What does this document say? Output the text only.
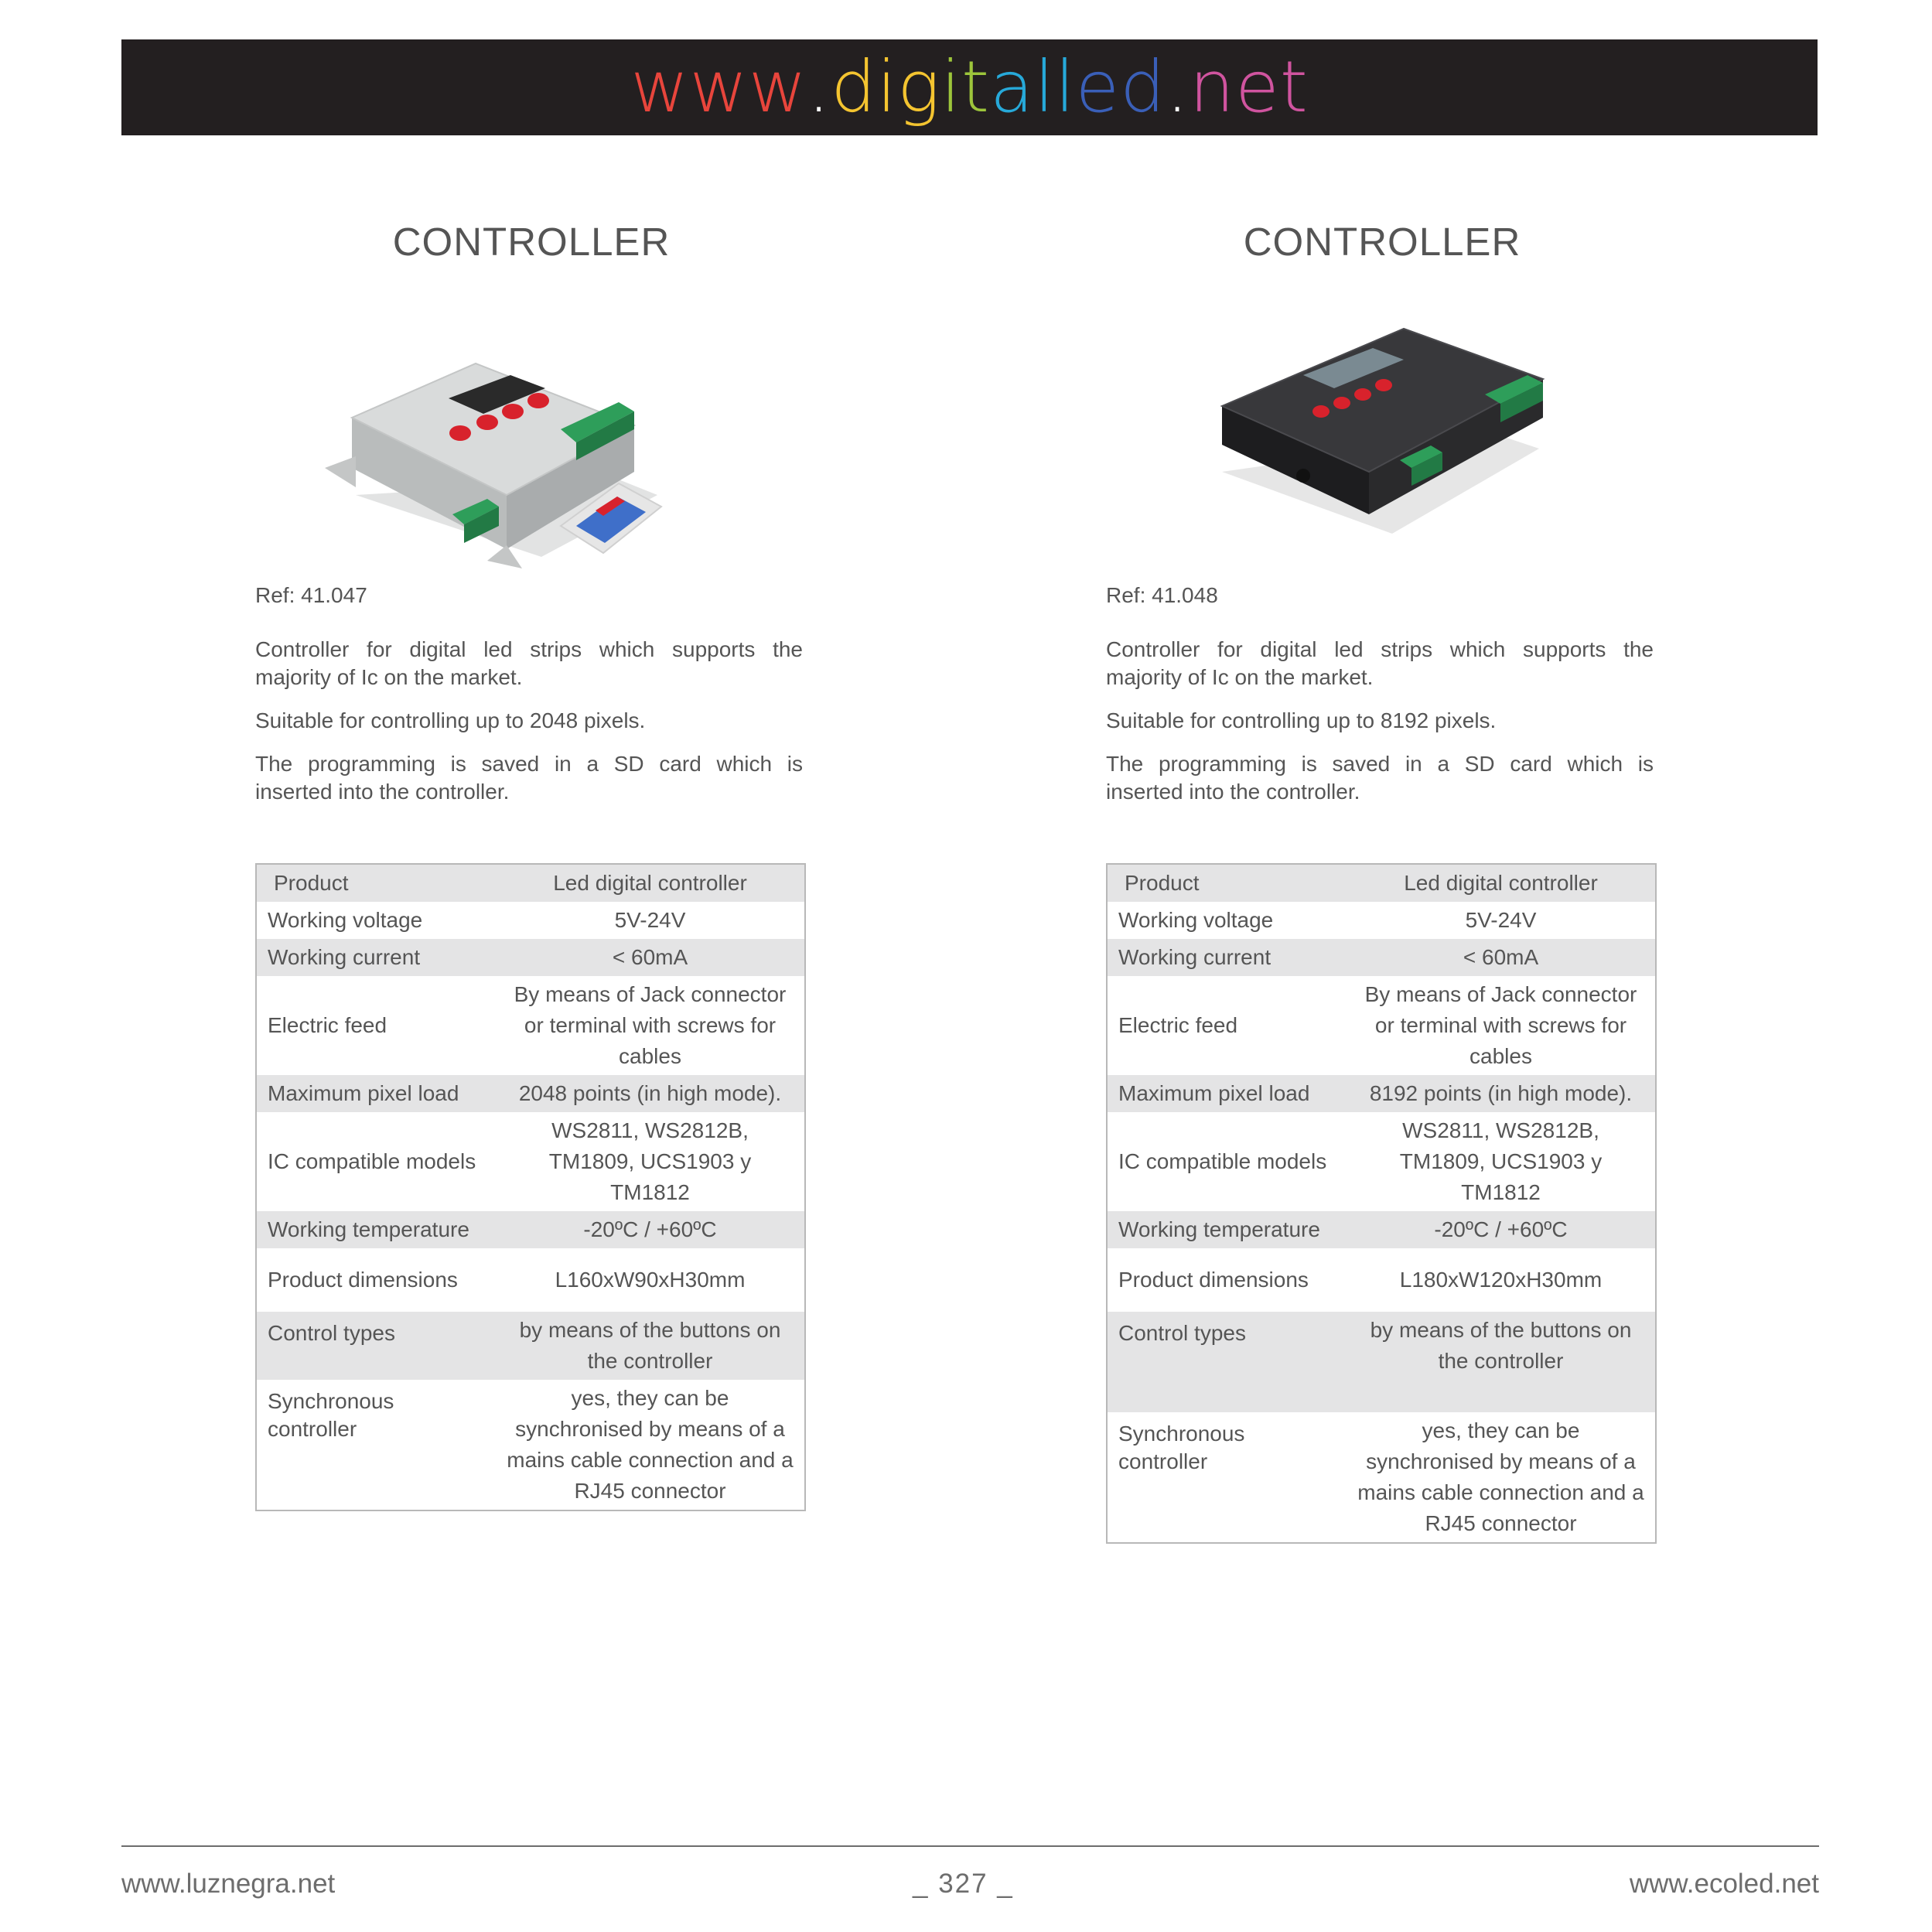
www.digitalled.net
CONTROLLER
Ref: 41.047

Controller for digital led strips which supports the majority of Ic on the market.

Suitable for controlling up to 2048 pixels.

The programming is saved in a SD card which is inserted into the controller.

Product	Led digital controller
Working voltage	5V-24V
Working current	< 60mA
Electric feed	By means of Jack connector or terminal with screws for cables
Maximum pixel load	2048 points (in high mode).
IC compatible models	WS2811, WS2812B, TM1809, UCS1903 y TM1812
Working temperature	-20ºC / +60ºC
Product dimensions	L160xW90xH30mm
Control types	by means of the buttons on the controller
Synchronous controller	yes, they can be synchronised by means of a mains cable connection and a RJ45 connector
CONTROLLER
Ref: 41.048

Controller for digital led strips which supports the majority of Ic on the market.

Suitable for controlling up to 8192 pixels.

The programming is saved in a SD card which is inserted into the controller.

Product	Led digital controller
Working voltage	5V-24V
Working current	< 60mA
Electric feed	By means of Jack connector or terminal with screws for cables
Maximum pixel load	8192 points (in high mode).
IC compatible models	WS2811, WS2812B, TM1809, UCS1903 y TM1812
Working temperature	-20ºC / +60ºC
Product dimensions	L180xW120xH30mm
Control types	by means of the buttons on the controller
Synchronous controller	yes, they can be synchronised by means of a mains cable connection and a RJ45 connector
www.luznegra.net	_ 327 _	www.ecoled.net
